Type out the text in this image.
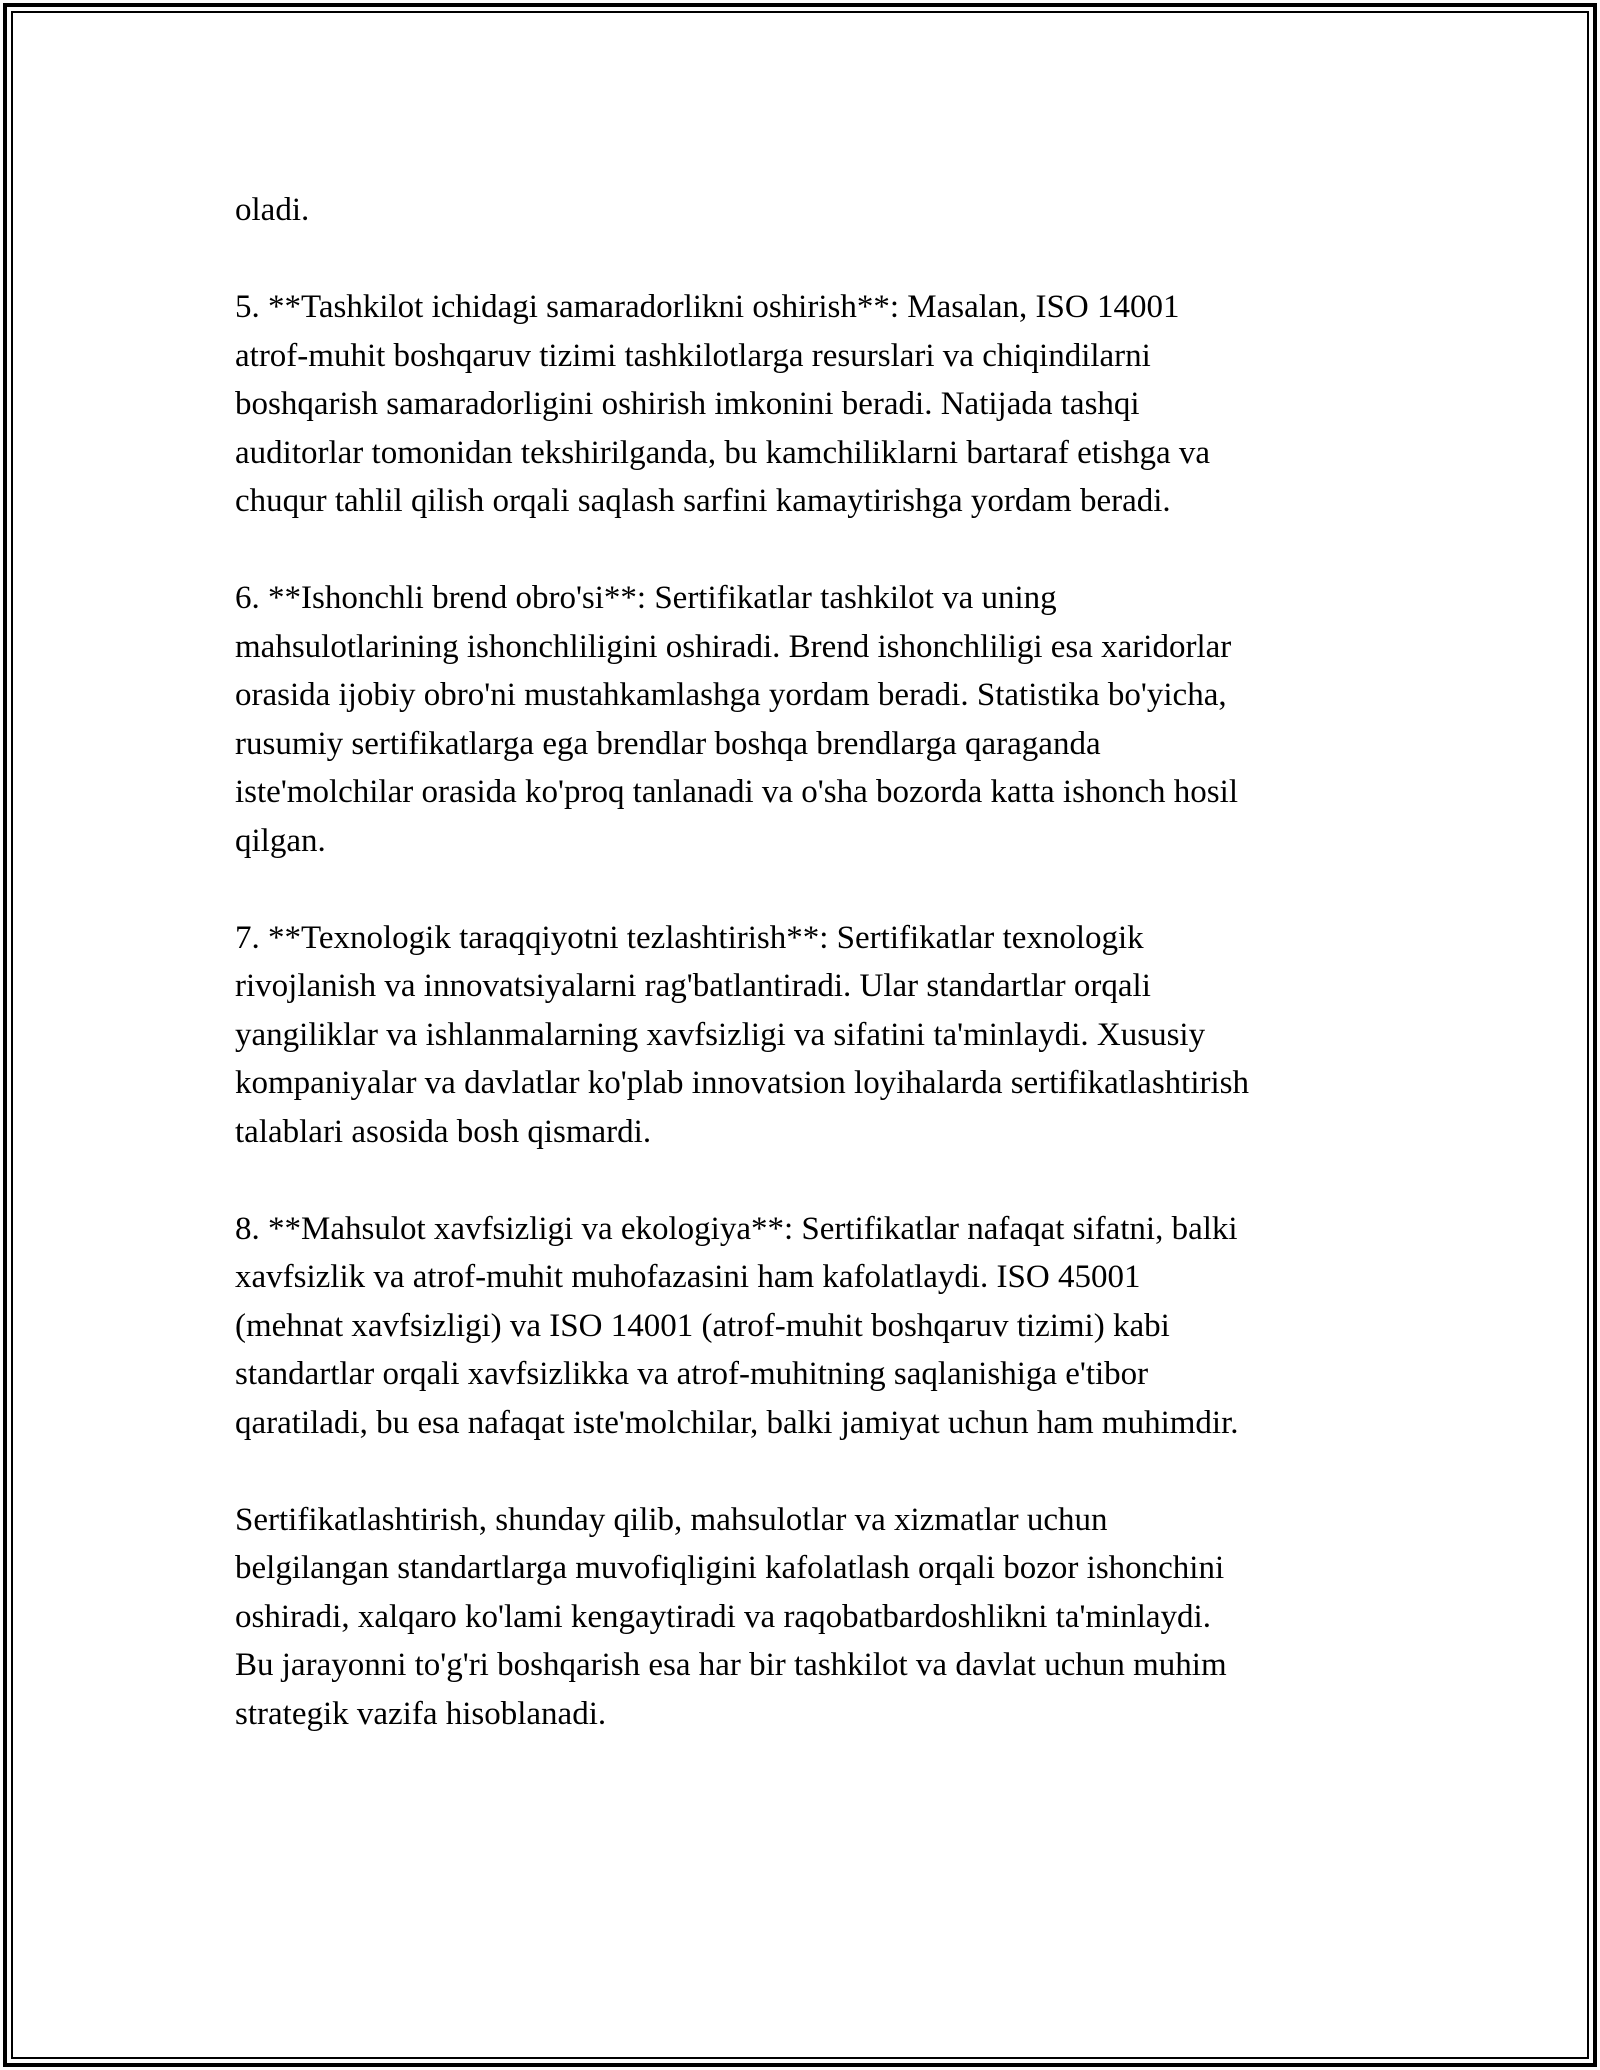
oladi.

5. **Tashkilot ichidagi samaradorlikni oshirish**: Masalan, ISO 14001
atrof-muhit boshqaruv tizimi tashkilotlarga resurslari va chiqindilarni
boshqarish samaradorligini oshirish imkonini beradi. Natijada tashqi
auditorlar tomonidan tekshirilganda, bu kamchiliklarni bartaraf etishga va
chuqur tahlil qilish orqali saqlash sarfini kamaytirishga yordam beradi.

6. **Ishonchli brend obro'si**: Sertifikatlar tashkilot va uning
mahsulotlarining ishonchliligini oshiradi. Brend ishonchliligi esa xaridorlar
orasida ijobiy obro'ni mustahkamlashga yordam beradi. Statistika bo'yicha,
rusumiy sertifikatlarga ega brendlar boshqa brendlarga qaraganda
iste'molchilar orasida ko'proq tanlanadi va o'sha bozorda katta ishonch hosil
qilgan.

7. **Texnologik taraqqiyotni tezlashtirish**: Sertifikatlar texnologik
rivojlanish va innovatsiyalarni rag'batlantiradi. Ular standartlar orqali
yangiliklar va ishlanmalarning xavfsizligi va sifatini ta'minlaydi. Xususiy
kompaniyalar va davlatlar ko'plab innovatsion loyihalarda sertifikatlashtirish
talablari asosida bosh qismardi.

8. **Mahsulot xavfsizligi va ekologiya**: Sertifikatlar nafaqat sifatni, balki
xavfsizlik va atrof-muhit muhofazasini ham kafolatlaydi. ISO 45001
(mehnat xavfsizligi) va ISO 14001 (atrof-muhit boshqaruv tizimi) kabi
standartlar orqali xavfsizlikka va atrof-muhitning saqlanishiga e'tibor
qaratiladi, bu esa nafaqat iste'molchilar, balki jamiyat uchun ham muhimdir.

Sertifikatlashtirish, shunday qilib, mahsulotlar va xizmatlar uchun
belgilangan standartlarga muvofiqligini kafolatlash orqali bozor ishonchini
oshiradi, xalqaro ko'lami kengaytiradi va raqobatbardoshlikni ta'minlaydi.
Bu jarayonni to'g'ri boshqarish esa har bir tashkilot va davlat uchun muhim
strategik vazifa hisoblanadi.
